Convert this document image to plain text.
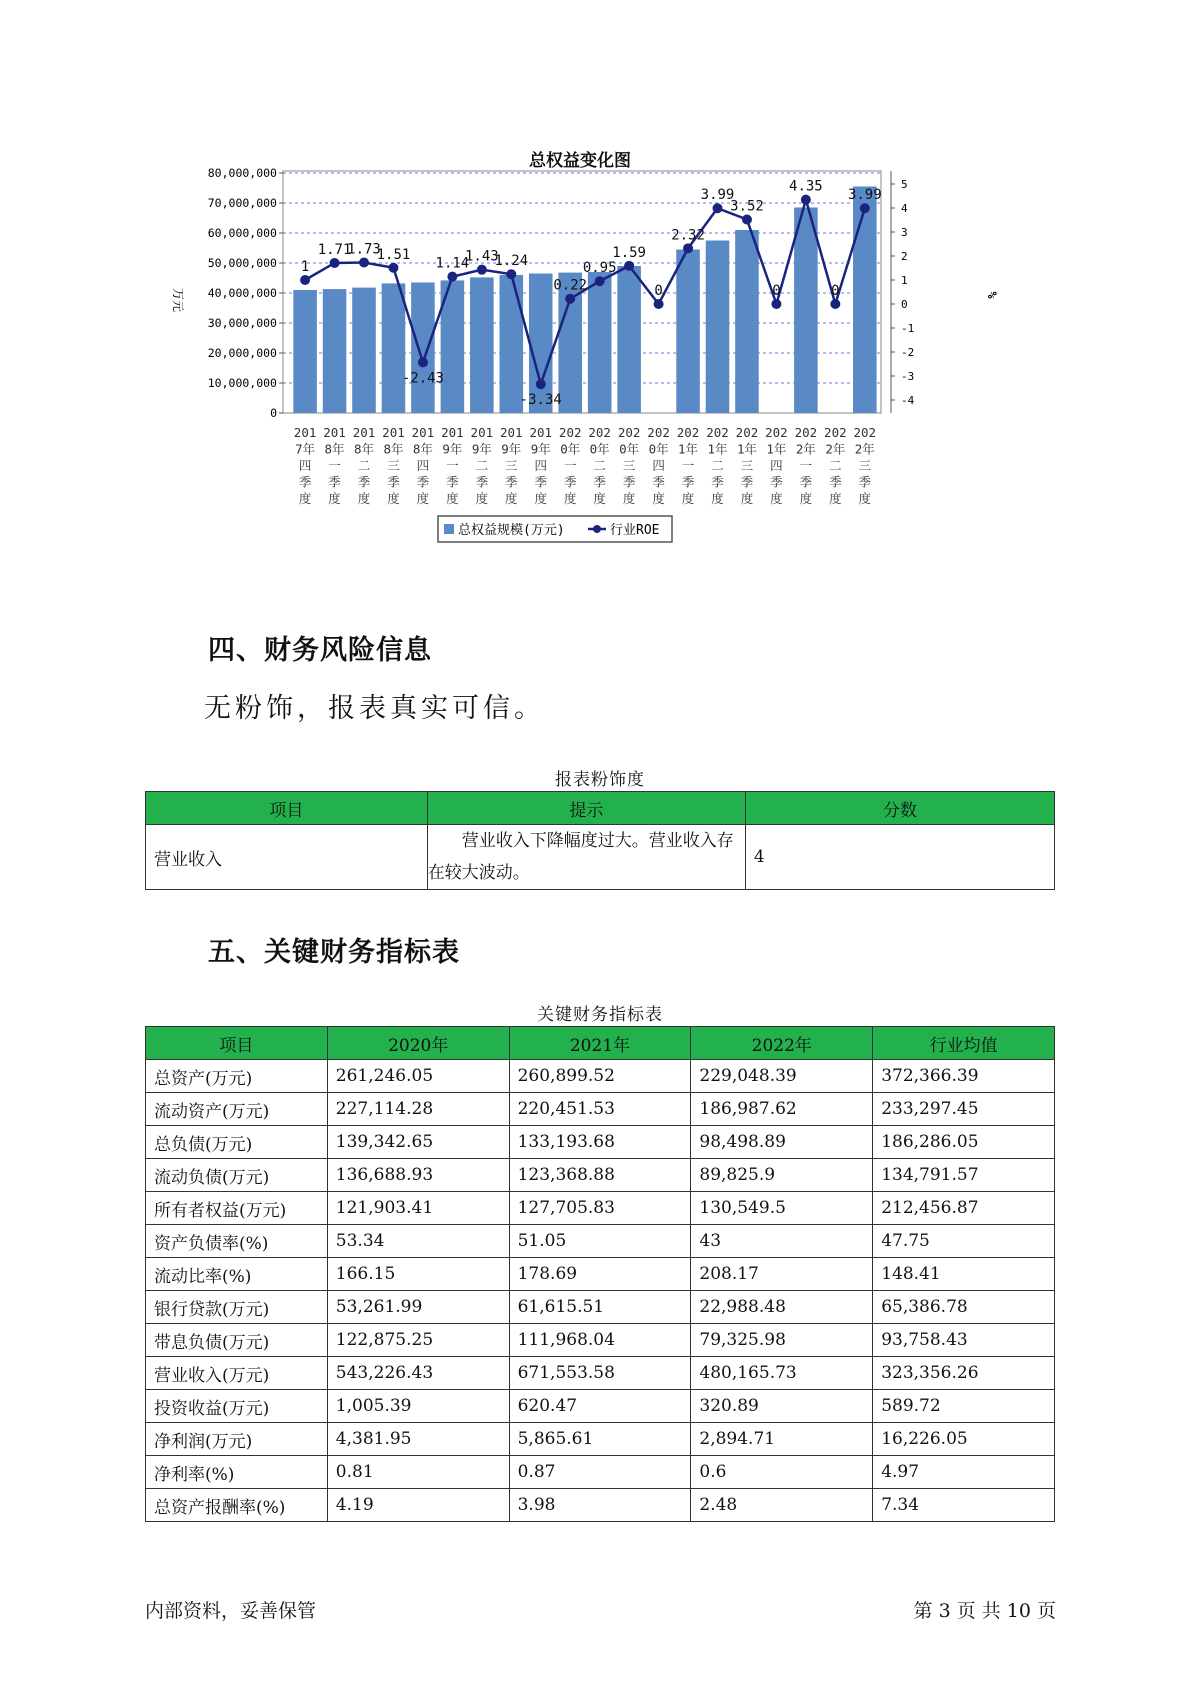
总权益变化图
80,000,000
70,000,000
60,000,000
50,000,000
40,000,000
30,000,000
20,000,000
10,000,000
0
5
4
3
2
1
0
-1
-2
-3
-4
万元	%
1
1.71
1.73
1.51
-2.43
1.14
1.43
1.24
-3.34
0.22
0.95
1.59
0
2.32
3.99
3.52
0
4.35
0
3.99
201
7年
四
季
度
201
8年
一
季
度
201
8年
二
季
度
201
8年
三
季
度
201
8年
四
季
度
201
9年
一
季
度
201
9年
二
季
度
201
9年
三
季
度
201
9年
四
季
度
202
0年
一
季
度
202
0年
二
季
度
202
0年
三
季
度
202
0年
四
季
度
202
1年
一
季
度
202
1年
二
季
度
202
1年
三
季
度
202
1年
四
季
度
202
2年
一
季
度
202
2年
二
季
度
202
2年
三
季
度
总权益规模(万元)	行业ROE
四、财务风险信息
无粉饰，报表真实可信。
报表粉饰度
项目	提示	分数
营业收入	营业收入下降幅度过大。营业收入存在较大波动。	4
五、关键财务指标表
关键财务指标表
项目	2020年	2021年	2022年	行业均值
总资产(万元)	261,246.05	260,899.52	229,048.39	372,366.39
流动资产(万元)	227,114.28	220,451.53	186,987.62	233,297.45
总负债(万元)	139,342.65	133,193.68	98,498.89	186,286.05
流动负债(万元)	136,688.93	123,368.88	89,825.9	134,791.57
所有者权益(万元)	121,903.41	127,705.83	130,549.5	212,456.87
资产负债率(%)	53.34	51.05	43	47.75
流动比率(%)	166.15	178.69	208.17	148.41
银行贷款(万元)	53,261.99	61,615.51	22,988.48	65,386.78
带息负债(万元)	122,875.25	111,968.04	79,325.98	93,758.43
营业收入(万元)	543,226.43	671,553.58	480,165.73	323,356.26
投资收益(万元)	1,005.39	620.47	320.89	589.72
净利润(万元)	4,381.95	5,865.61	2,894.71	16,226.05
净利率(%)	0.81	0.87	0.6	4.97
总资产报酬率(%)	4.19	3.98	2.48	7.34
内部资料，妥善保管	第 3 页 共 10 页
